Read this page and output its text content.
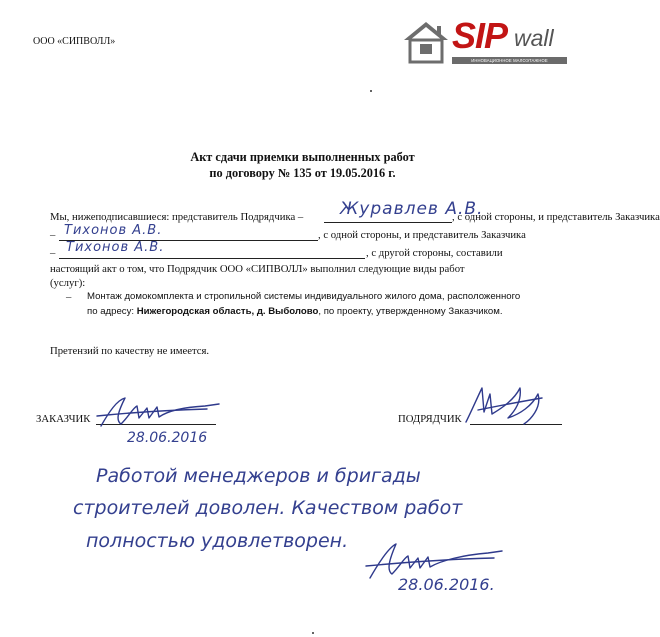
ООО «СИПВОЛЛ»	SIP wall
ИННОВАЦИОННОЕ МАЛОЭТАЖНОЕ СТРОИТЕЛЬСТВО
Акт сдачи приемки выполненных работ
по договору № 135 от 19.05.2016 г.
Мы, нижеподписавшиеся: представитель Подрядчика – Журавлев А.В.
, с одной стороны, и представитель Заказчика
– Тихонов А.В.	, с одной стороны, и представитель Заказчика
– Тихонов А.В.	, с другой стороны, составили
настоящий акт о том, что Подрядчик ООО «СИПВОЛЛ» выполнил следующие виды работ
(услуг):
– Монтаж домокомплекта и стропильной системы индивидуального жилого дома, расположенного
по адресу: Нижегородская область, д. Выболово, по проекту, утвержденному Заказчиком.
Претензий по качеству не имеется.
ЗАКАЗЧИК
28.06.2016
ПОДРЯДЧИК
Работой менеджеров и бригады
строителей доволен. Качеством работ
полностью удовлетворен.
28.06.2016.
